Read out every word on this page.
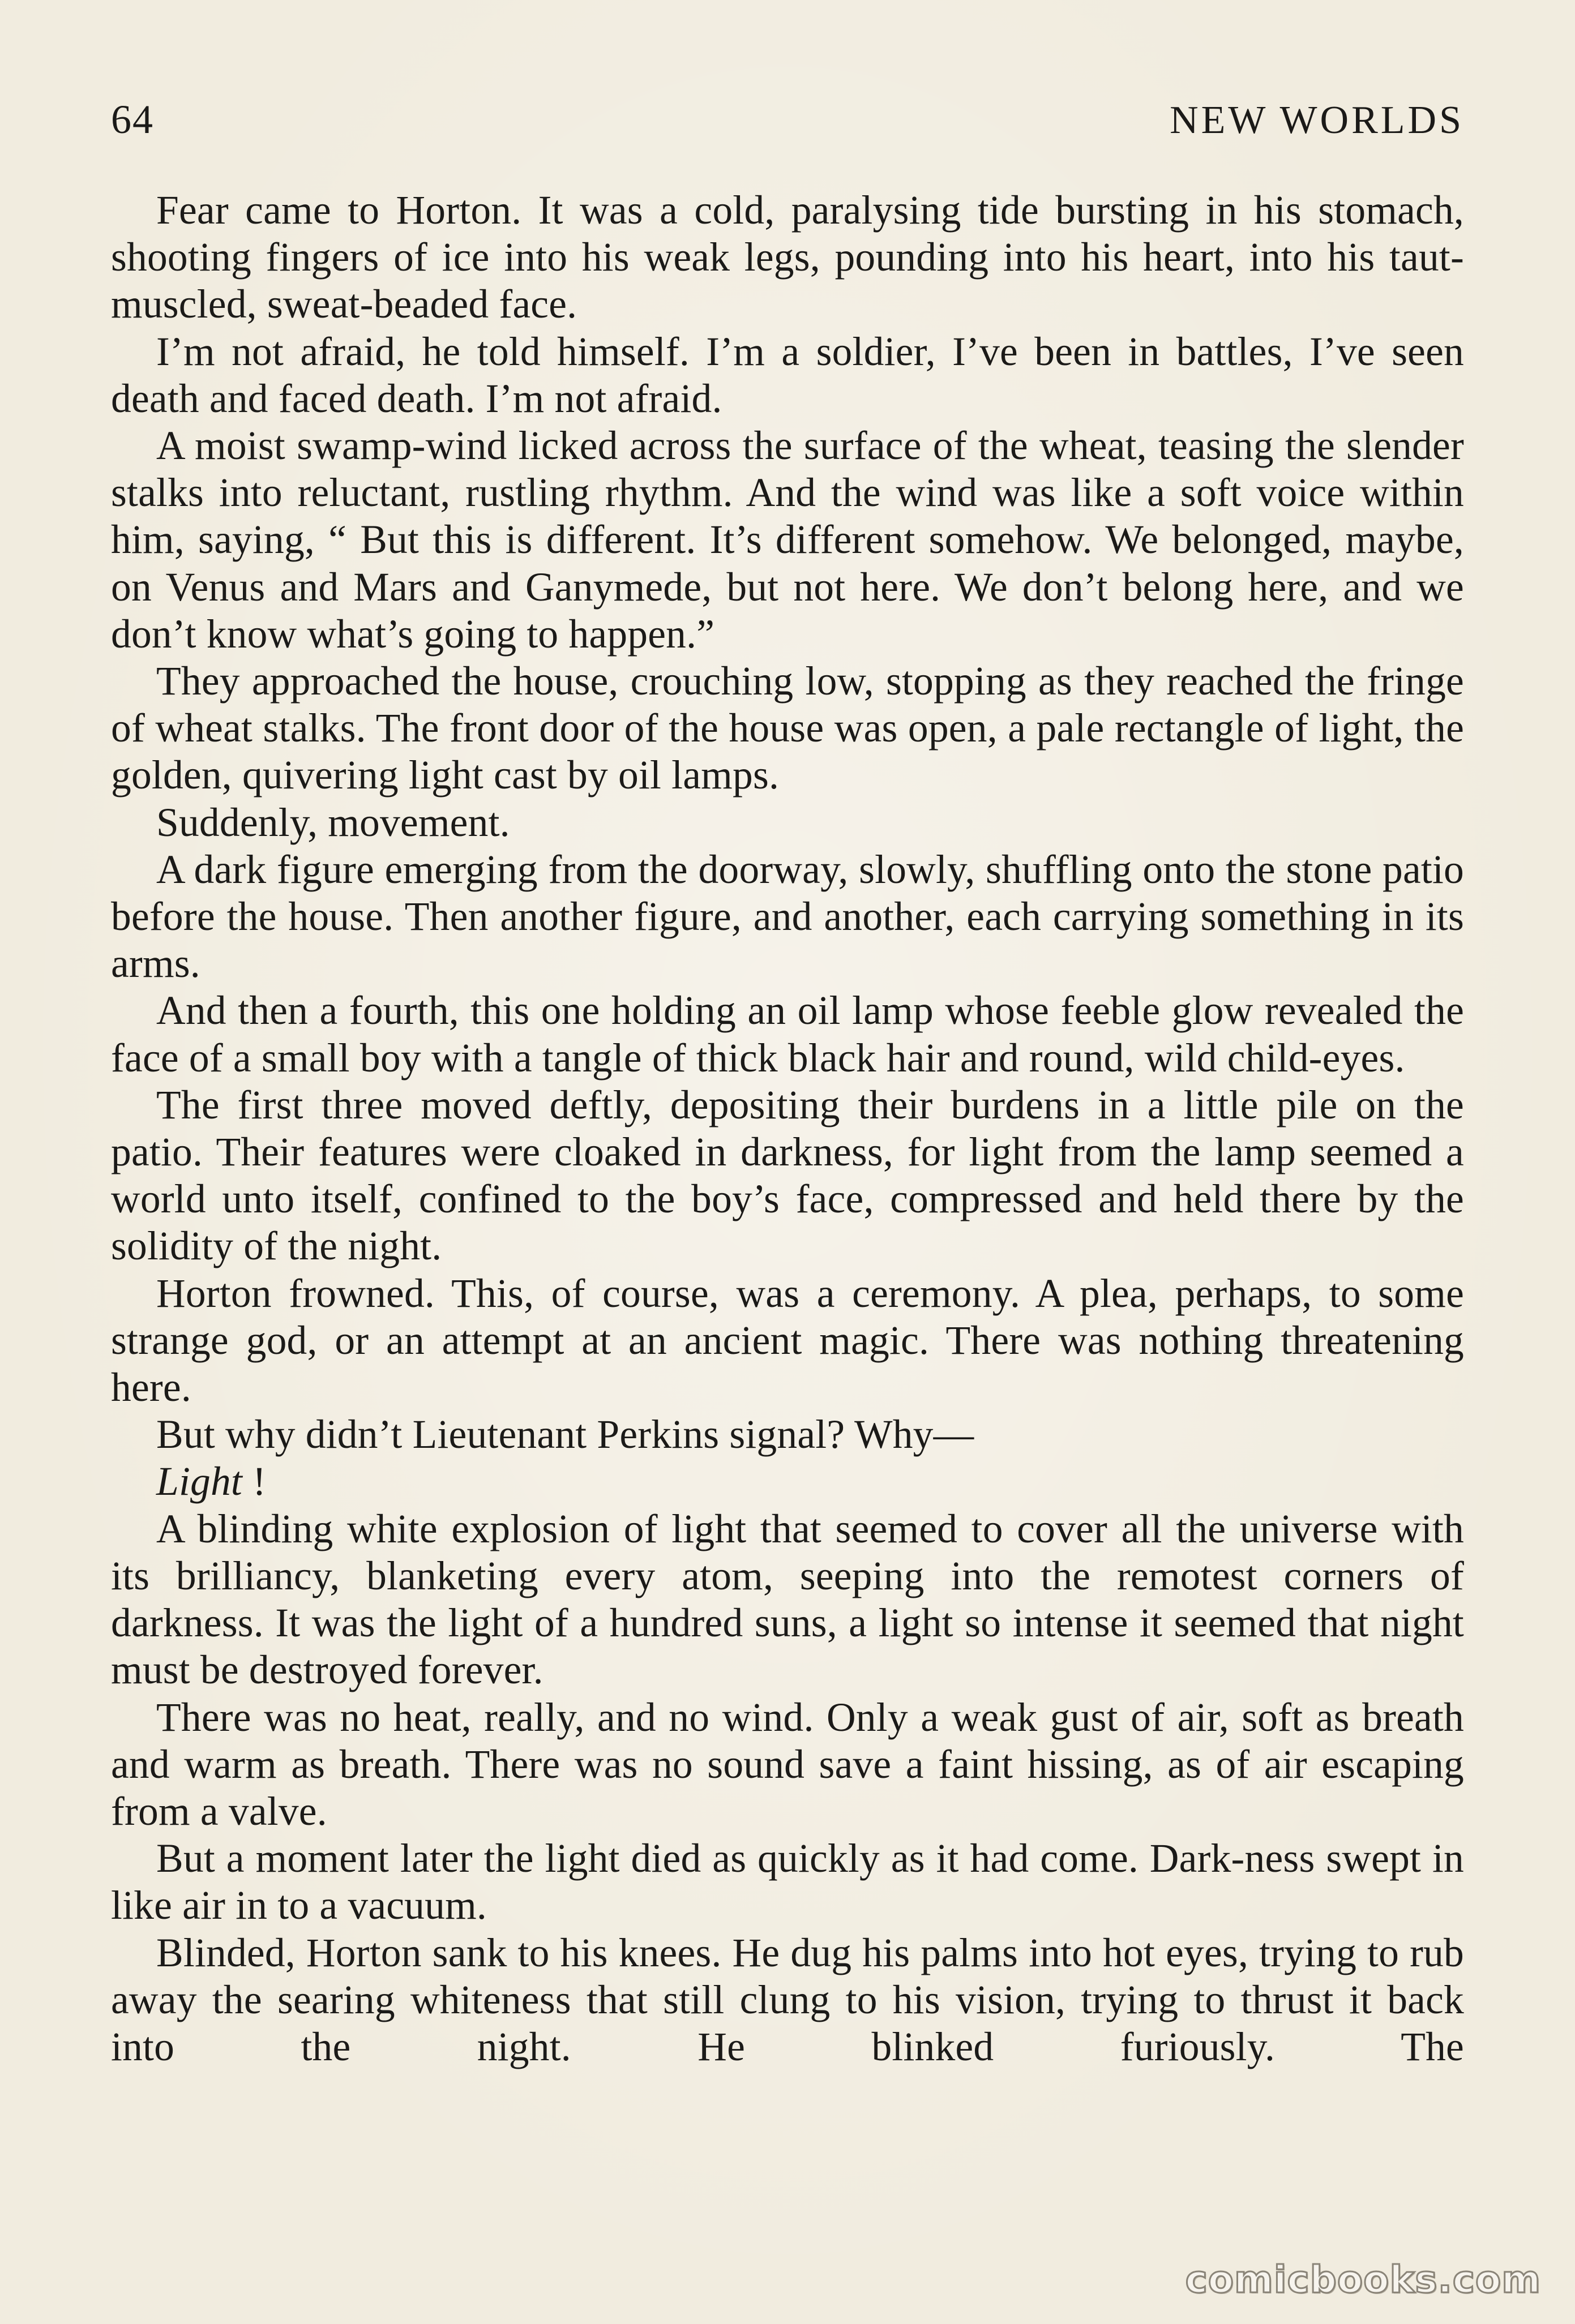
64	NEW WORLDS

Fear came to Horton. It was a cold, paralysing tide bursting in his stomach, shooting fingers of ice into his weak legs, pounding into his heart, into his taut-muscled, sweat-beaded face.

I’m not afraid, he told himself. I’m a soldier, I’ve been in battles, I’ve seen death and faced death. I’m not afraid.

A moist swamp-wind licked across the surface of the wheat, teasing the slender stalks into reluctant, rustling rhythm. And the wind was like a soft voice within him, saying, “ But this is different. It’s different somehow. We belonged, maybe, on Venus and Mars and Ganymede, but not here. We don’t belong here, and we don’t know what’s going to happen.”

They approached the house, crouching low, stopping as they reached the fringe of wheat stalks. The front door of the house was open, a pale rectangle of light, the golden, quivering light cast by oil lamps.

Suddenly, movement.

A dark figure emerging from the doorway, slowly, shuffling onto the stone patio before the house. Then another figure, and another, each carrying something in its arms.

And then a fourth, this one holding an oil lamp whose feeble glow revealed the face of a small boy with a tangle of thick black hair and round, wild child-eyes.

The first three moved deftly, depositing their burdens in a little pile on the patio. Their features were cloaked in darkness, for light from the lamp seemed a world unto itself, confined to the boy’s face, compressed and held there by the solidity of the night.

Horton frowned. This, of course, was a ceremony. A plea, perhaps, to some strange god, or an attempt at an ancient magic. There was nothing threatening here.

But why didn’t Lieutenant Perkins signal? Why—

Light !

A blinding white explosion of light that seemed to cover all the universe with its brilliancy, blanketing every atom, seeping into the remotest corners of darkness. It was the light of a hundred suns, a light so intense it seemed that night must be destroyed forever.

There was no heat, really, and no wind. Only a weak gust of air, soft as breath and warm as breath. There was no sound save a faint hissing, as of air escaping from a valve.

But a moment later the light died as quickly as it had come. Dark-ness swept in like air in to a vacuum.

Blinded, Horton sank to his knees. He dug his palms into hot eyes, trying to rub away the searing whiteness that still clung to his vision, trying to thrust it back into the night. He blinked furiously. The

comicbooks.com
